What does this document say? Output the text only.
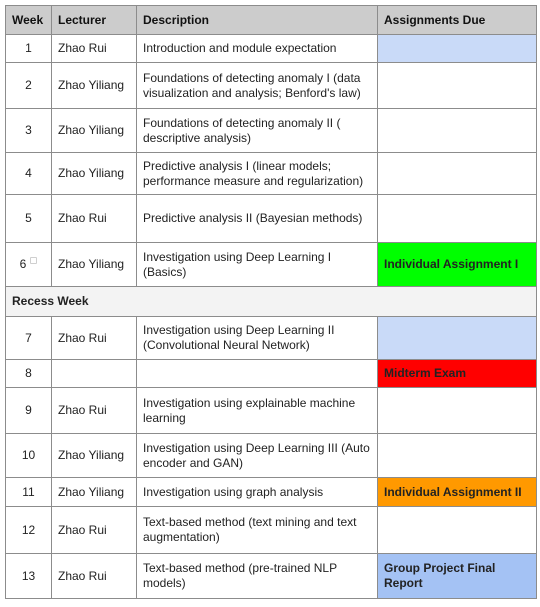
Week	Lecturer	Description	Assignments Due
1	Zhao Rui	Introduction and module expectation	
2	Zhao Yiliang	Foundations of detecting anomaly I (data visualization and analysis; Benford's law)	
3	Zhao Yiliang	Foundations of detecting anomaly II ( descriptive analysis)	
4	Zhao Yiliang	Predictive analysis I (linear models; performance measure and regularization)	
5	Zhao Rui	Predictive analysis II (Bayesian methods)	
6	Zhao Yiliang	Investigation using Deep Learning I (Basics)	Individual Assignment I
Recess Week			
7	Zhao Rui	Investigation using Deep Learning II (Convolutional Neural Network)	
8			Midterm Exam
9	Zhao Rui	Investigation using explainable machine learning	
10	Zhao Yiliang	Investigation using Deep Learning III (Auto encoder and GAN)	
11	Zhao Yiliang	Investigation using graph analysis	Individual Assignment II
12	Zhao Rui	Text-based method (text mining and text augmentation)	
13	Zhao Rui	Text-based method (pre-trained NLP models)	Group Project Final Report
